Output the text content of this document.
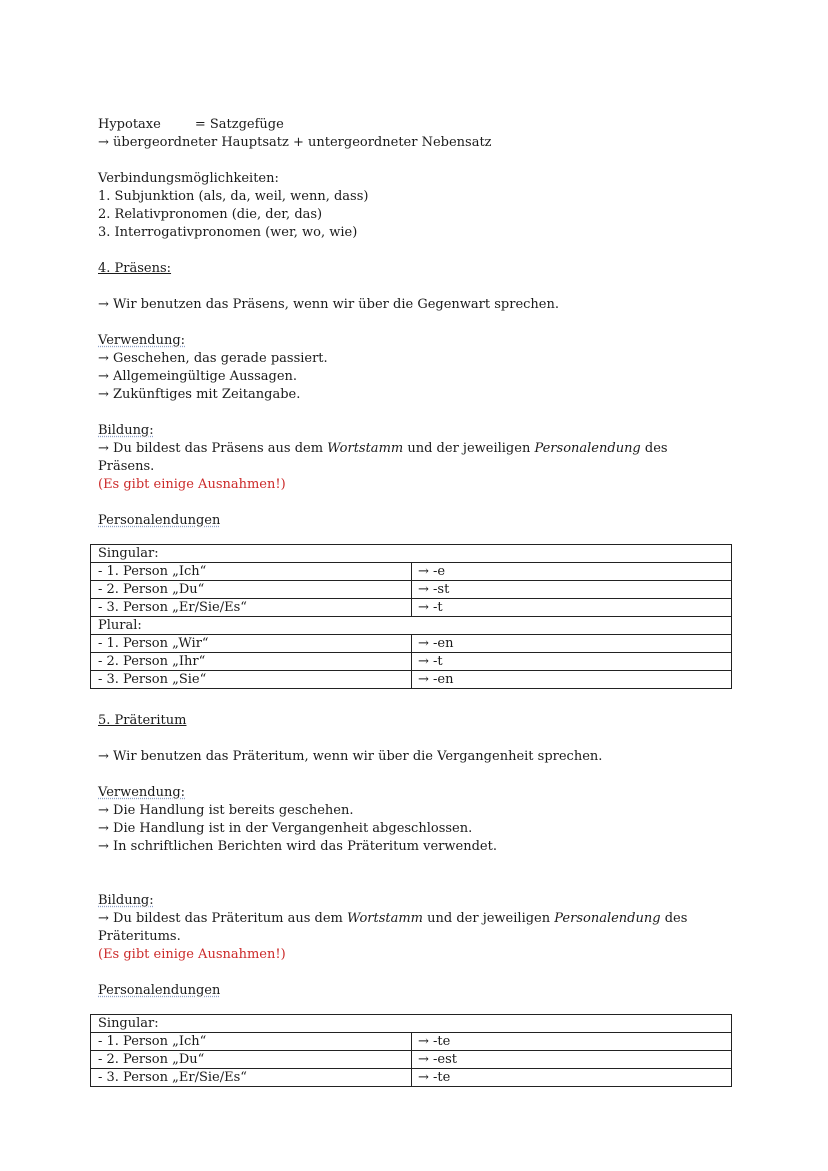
Hypotaxe	= Satzgefüge
→ übergeordneter Hauptsatz + untergeordneter Nebensatz
Verbindungsmöglichkeiten:
1. Subjunktion (als, da, weil, wenn, dass)
2. Relativpronomen (die, der, das)
3. Interrogativpronomen (wer, wo, wie)
4. Präsens:
→ Wir benutzen das Präsens, wenn wir über die Gegenwart sprechen.
Verwendung:
→ Geschehen, das gerade passiert.
→ Allgemeingültige Aussagen.
→ Zukünftiges mit Zeitangabe.
Bildung:
→ Du bildest das Präsens aus dem Wortstamm und der jeweiligen Personalendung des
Präsens.
(Es gibt einige Ausnahmen!)
Personalendungen
Singular:	
- 1. Person „Ich“	→ -e
- 2. Person „Du“	→ -st
- 3. Person „Er/Sie/Es“	→ -t
Plural:	
- 1. Person „Wir“	→ -en
- 2. Person „Ihr“	→ -t
- 3. Person „Sie“	→ -en
5. Präteritum
→ Wir benutzen das Präteritum, wenn wir über die Vergangenheit sprechen.
Verwendung:
→ Die Handlung ist bereits geschehen.
→ Die Handlung ist in der Vergangenheit abgeschlossen.
→ In schriftlichen Berichten wird das Präteritum verwendet.
Bildung:
→ Du bildest das Präteritum aus dem Wortstamm und der jeweiligen Personalendung des
Präteritums.
(Es gibt einige Ausnahmen!)
Personalendungen
Singular:	
- 1. Person „Ich“	→ -te
- 2. Person „Du“	→ -est
- 3. Person „Er/Sie/Es“	→ -te
